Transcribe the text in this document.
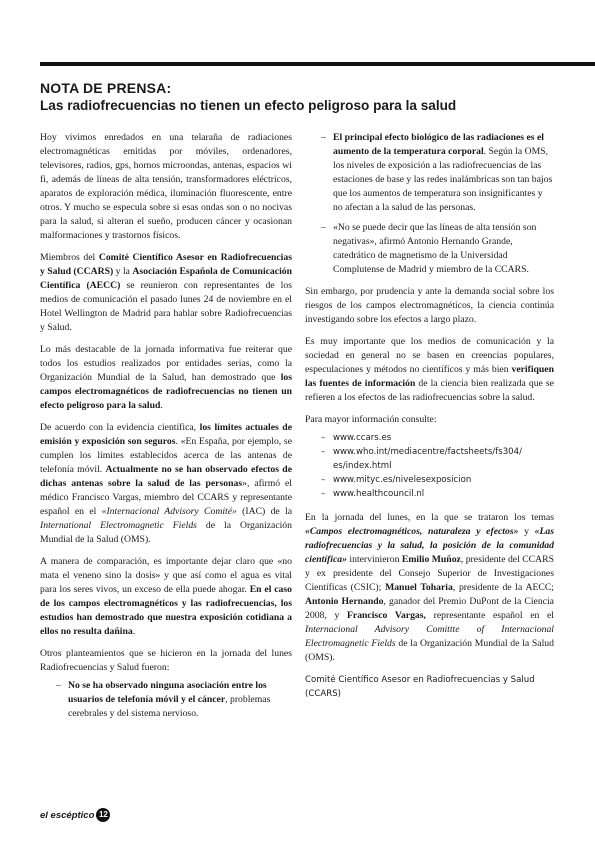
NOTA DE PRENSA:
Las radiofrecuencias no tienen un efecto peligroso para la salud

Hoy vivimos enredados en una telaraña de radiaciones electromagnéticas emitidas por móviles, ordenadores, televisores, radios, gps, hornos microondas, antenas, espacios wi fi, además de líneas de alta tensión, transformadores eléctricos, aparatos de exploración médica, iluminación fluorescente, entre otros. Y mucho se especula sobre si esas ondas son o no nocivas para la salud, si alteran el sueño, producen cáncer y ocasionan malformaciones y trastornos físicos.

Miembros del Comité Científico Asesor en Radiofrecuencias y Salud (CCARS) y la Asociación Española de Comunicación Científica (AECC) se reunieron con representantes de los medios de comunicación el pasado lunes 24 de noviembre en el Hotel Wellington de Madrid para hablar sobre Radiofrecuencias y Salud.

Lo más destacable de la jornada informativa fue reiterar que todos los estudios realizados por entidades serias, como la Organización Mundial de la Salud, han demostrado que los campos electromagnéticos de radiofrecuencias no tienen un efecto peligroso para la salud.

De acuerdo con la evidencia científica, los límites actuales de emisión y exposición son seguros. «En España, por ejemplo, se cumplen los límites establecidos acerca de las antenas de telefonía móvil. Actualmente no se han observado efectos de dichas antenas sobre la salud de las personas», afirmó el médico Francisco Vargas, miembro del CCARS y representante español en el «Internacional Advisory Comité» (IAC) de la International Electromagnetic Fields de la Organización Mundial de la Salud (OMS).

A manera de comparación, es importante dejar claro que «no mata el veneno sino la dosis» y que así como el agua es vital para los seres vivos, un exceso de ella puede ahogar. En el caso de los campos electromagnéticos y las radiofrecuencias, los estudios han demostrado que nuestra exposición cotidiana a ellos no resulta dañina.

Otros planteamientos que se hicieron en la jornada del lunes Radiofrecuencias y Salud fueron:

– No se ha observado ninguna asociación entre los usuarios de telefonía móvil y el cáncer, problemas cerebrales y del sistema nervioso.
– El principal efecto biológico de las radiaciones es el aumento de la temperatura corporal. Según la OMS, los niveles de exposición a las radiofrecuencias de las estaciones de base y las redes inalámbricas son tan bajos que los aumentos de temperatura son insignificantes y no afectan a la salud de las personas.
– «No se puede decir que las líneas de alta tensión son negativas», afirmó Antonio Hernando Grande, catedrático de magnetismo de la Universidad Complutense de Madrid y miembro de la CCARS.

Sin embargo, por prudencia y ante la demanda social sobre los riesgos de los campos electromagnéticos, la ciencia continúa investigando sobre los efectos a largo plazo.

Es muy importante que los medios de comunicación y la sociedad en general no se basen en creencias populares, especulaciones y métodos no científicos y más bien verifiquen las fuentes de información de la ciencia bien realizada que se refieren a los efectos de las radiofrecuencias sobre la salud.

Para mayor información consulte:

– www.ccars.es
– www.who.int/mediacentre/factsheets/fs304/ es/index.html
– www.mityc.es/nivelesexposicion
– www.healthcouncil.nl

En la jornada del lunes, en la que se trataron los temas «Campos electromagnéticos, naturaleza y efectos» y «Las radiofrecuencias y la salud, la posición de la comunidad científica» intervinieron Emilio Muñoz, presidente del CCARS y ex presidente del Consejo Superior de Investigaciones Científicas (CSIC); Manuel Toharia, presidente de la AECC; Antonio Hernando, ganador del Premio DuPont de la Ciencia 2008, y Francisco Vargas, representante español en el Internacional Advisory Comittte of Internacional Electromagnetic Fields de la Organización Mundial de la Salud (OMS).

Comité Científico Asesor en Radiofrecuencias y Salud (CCARS)
el escéptico 12
